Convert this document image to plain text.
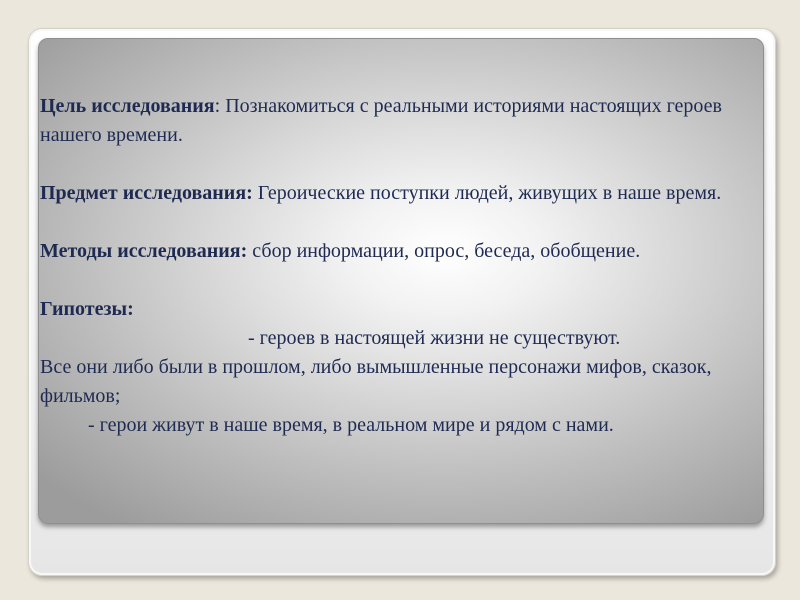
Цель исследования: Познакомиться с реальными историями настоящих героев нашего времени.

Предмет исследования: Героические поступки людей, живущих в наше время.

Методы исследования: сбор информации, опрос, беседа, обобщение.

Гипотезы:
- героев в настоящей жизни не существуют.
Все они либо были в прошлом, либо вымышленные персонажи мифов, сказок, фильмов;
- герои живут в наше время, в реальном мире и рядом с нами.
